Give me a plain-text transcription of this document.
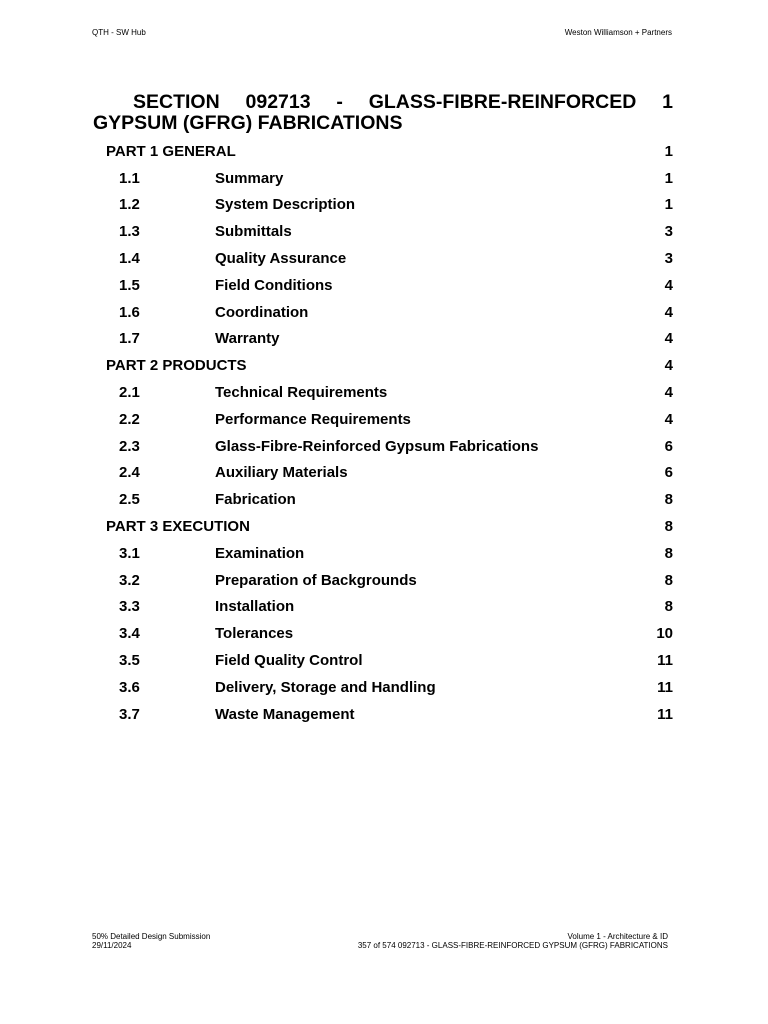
QTH - SW Hub	Weston Williamson + Partners
SECTION 092713 - GLASS-FIBRE-REINFORCED 1
GYPSUM (GFRG) FABRICATIONS
PART 1 GENERAL	1
1.1	Summary	1
1.2	System Description	1
1.3	Submittals	3
1.4	Quality Assurance	3
1.5	Field Conditions	4
1.6	Coordination	4
1.7	Warranty	4
PART 2 PRODUCTS	4
2.1	Technical Requirements	4
2.2	Performance Requirements	4
2.3	Glass-Fibre-Reinforced Gypsum Fabrications	6
2.4	Auxiliary Materials	6
2.5	Fabrication	8
PART 3 EXECUTION	8
3.1	Examination	8
3.2	Preparation of Backgrounds	8
3.3	Installation	8
3.4	Tolerances	10
3.5	Field Quality Control	11
3.6	Delivery, Storage and Handling	11
3.7	Waste Management	11
50% Detailed Design Submission
29/11/2024
Volume 1 - Architecture & ID
357 of 574 092713 - GLASS-FIBRE-REINFORCED GYPSUM (GFRG) FABRICATIONS
